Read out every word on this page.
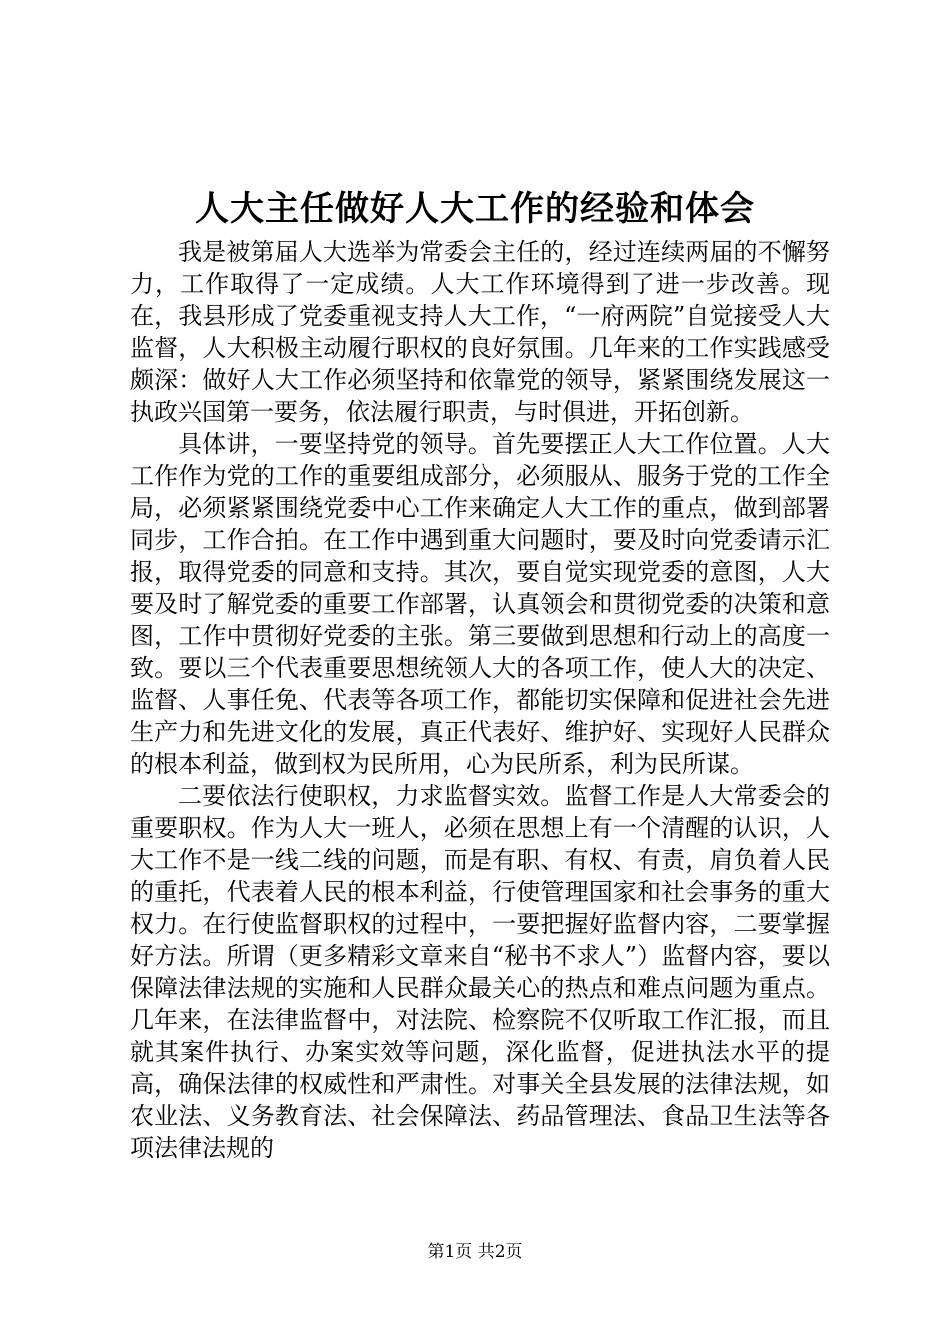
人大主任做好人大工作的经验和体会

我是被第届人大选举为常委会主任的，经过连续两届的不懈努力，工作取得了一定成绩。人大工作环境得到了进一步改善。现在，我县形成了党委重视支持人大工作，“一府两院”自觉接受人大监督，人大积极主动履行职权的良好氛围。几年来的工作实践感受颇深：做好人大工作必须坚持和依靠党的领导，紧紧围绕发展这一执政兴国第一要务，依法履行职责，与时俱进，开拓创新。

具体讲，一要坚持党的领导。首先要摆正人大工作位置。人大工作作为党的工作的重要组成部分，必须服从、服务于党的工作全局，必须紧紧围绕党委中心工作来确定人大工作的重点，做到部署同步，工作合拍。在工作中遇到重大问题时，要及时向党委请示汇报，取得党委的同意和支持。其次，要自觉实现党委的意图，人大要及时了解党委的重要工作部署，认真领会和贯彻党委的决策和意图，工作中贯彻好党委的主张。第三要做到思想和行动上的高度一致。要以三个代表重要思想统领人大的各项工作，使人大的决定、监督、人事任免、代表等各项工作，都能切实保障和促进社会先进生产力和先进文化的发展，真正代表好、维护好、实现好人民群众的根本利益，做到权为民所用，心为民所系，利为民所谋。

二要依法行使职权，力求监督实效。监督工作是人大常委会的重要职权。作为人大一班人，必须在思想上有一个清醒的认识，人大工作不是一线二线的问题，而是有职、有权、有责，肩负着人民的重托，代表着人民的根本利益，行使管理国家和社会事务的重大权力。在行使监督职权的过程中，一要把握好监督内容，二要掌握好方法。所谓（更多精彩文章来自“秘书不求人”）监督内容，要以保障法律法规的实施和人民群众最关心的热点和难点问题为重点。几年来，在法律监督中，对法院、检察院不仅听取工作汇报，而且就其案件执行、办案实效等问题，深化监督，促进执法水平的提高，确保法律的权威性和严肃性。对事关全县发展的法律法规，如农业法、义务教育法、社会保障法、药品管理法、食品卫生法等各项法律法规的

第1页 共2页
